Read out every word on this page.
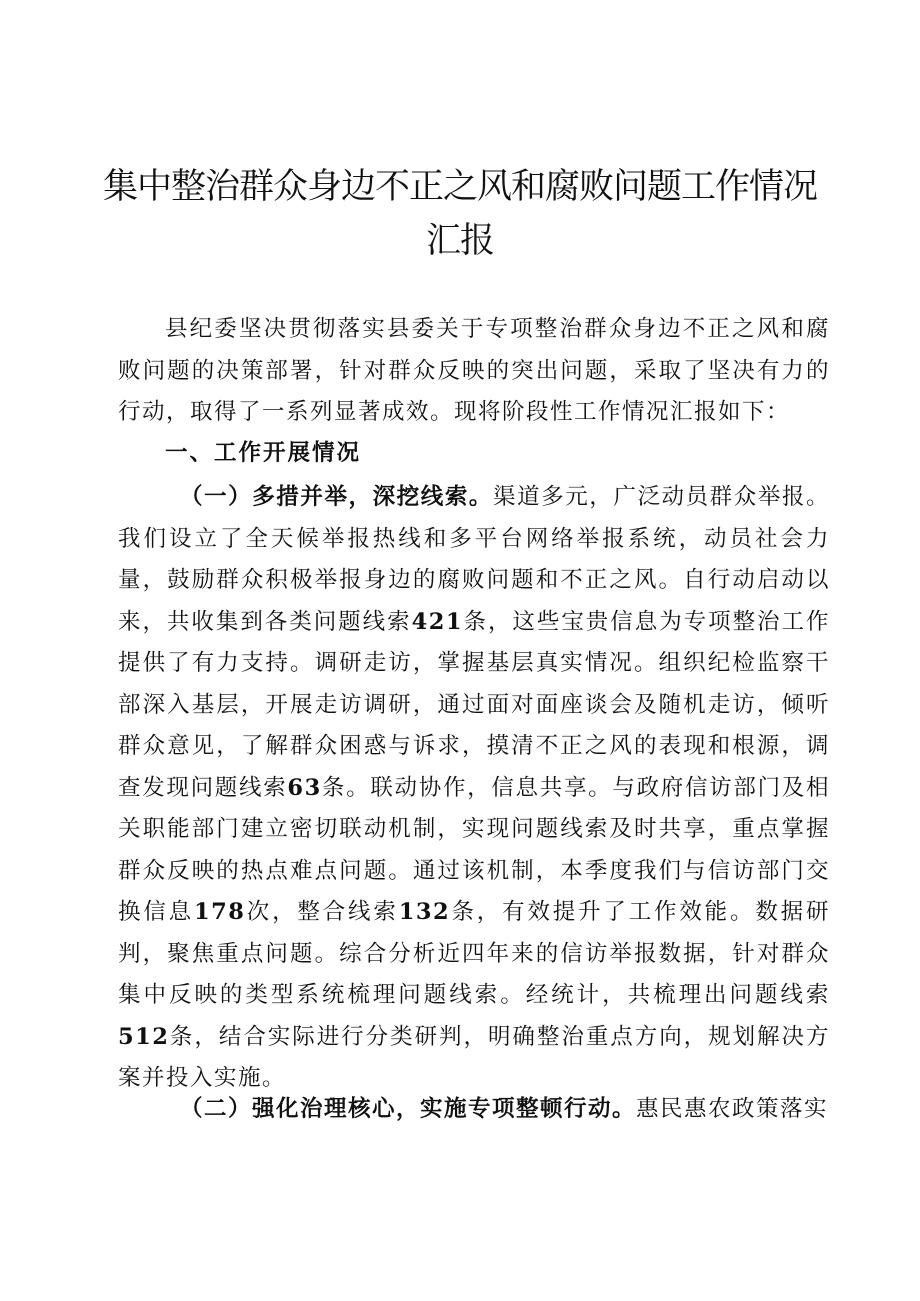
集中整治群众身边不正之风和腐败问题工作情况汇报

县纪委坚决贯彻落实县委关于专项整治群众身边不正之风和腐败问题的决策部署，针对群众反映的突出问题，采取了坚决有力的行动，取得了一系列显著成效。现将阶段性工作情况汇报如下：

一、工作开展情况

（一）多措并举，深挖线索。渠道多元，广泛动员群众举报。我们设立了全天候举报热线和多平台网络举报系统，动员社会力量，鼓励群众积极举报身边的腐败问题和不正之风。自行动启动以来，共收集到各类问题线索421条，这些宝贵信息为专项整治工作提供了有力支持。调研走访，掌握基层真实情况。组织纪检监察干部深入基层，开展走访调研，通过面对面座谈会及随机走访，倾听群众意见，了解群众困惑与诉求，摸清不正之风的表现和根源，调查发现问题线索63条。联动协作，信息共享。与政府信访部门及相关职能部门建立密切联动机制，实现问题线索及时共享，重点掌握群众反映的热点难点问题。通过该机制，本季度我们与信访部门交换信息178次，整合线索132条，有效提升了工作效能。数据研判，聚焦重点问题。综合分析近四年来的信访举报数据，针对群众集中反映的类型系统梳理问题线索。经统计，共梳理出问题线索512条，结合实际进行分类研判，明确整治重点方向，规划解决方案并投入实施。

（二）强化治理核心，实施专项整顿行动。惠民惠农政策落实
